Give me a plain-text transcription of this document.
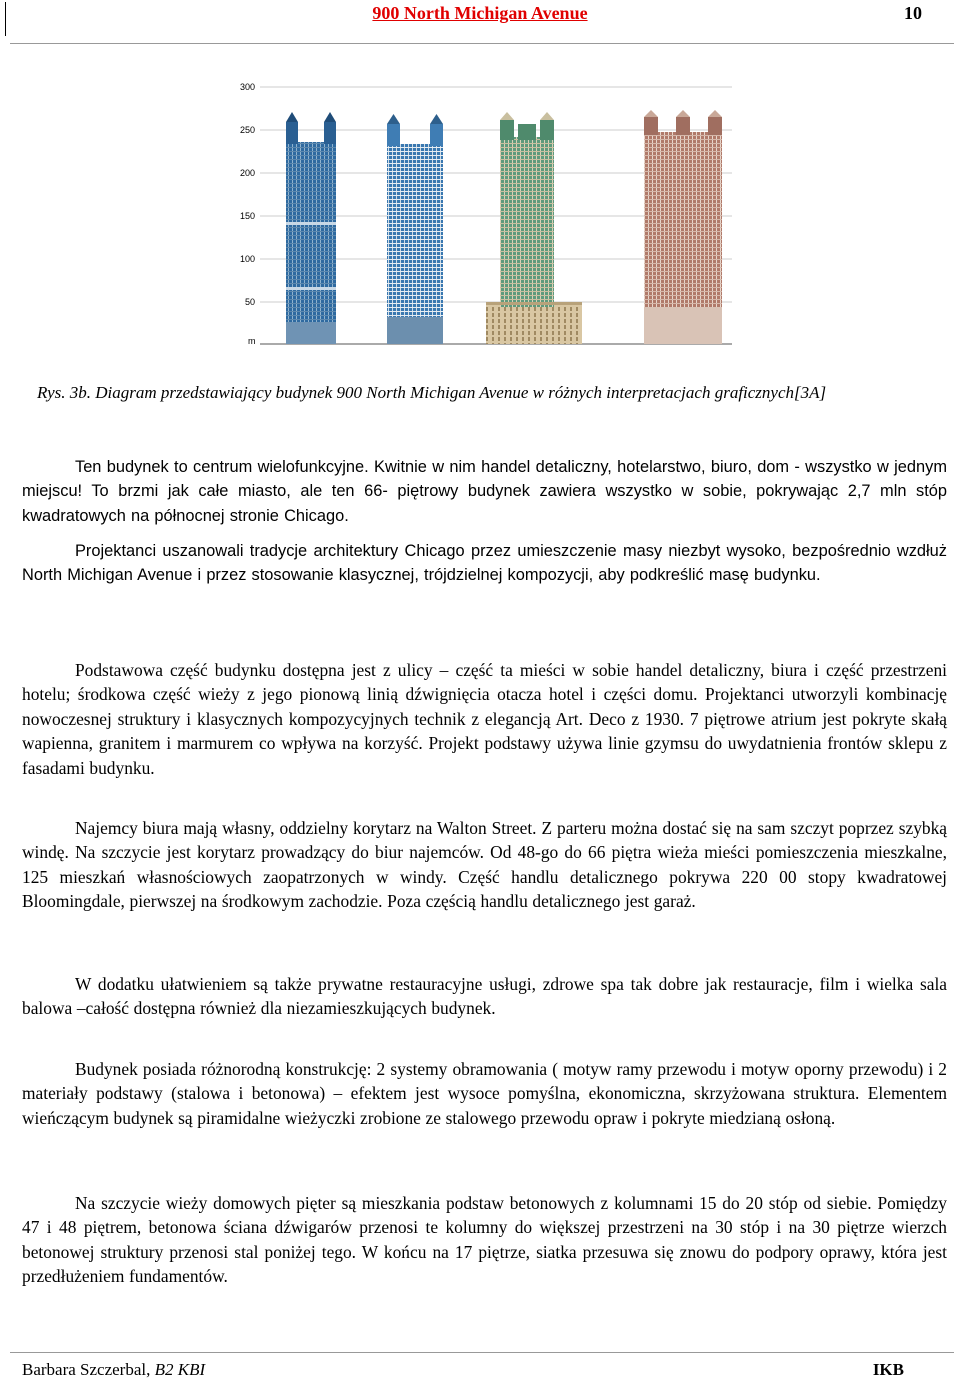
900 North Michigan Avenue	10
300
250
200
150
100
50
m
Rys. 3b. Diagram przedstawiający budynek 900 North Michigan Avenue w różnych interpretacjach graficznych[3A]

Ten budynek to centrum wielofunkcyjne. Kwitnie w nim handel detaliczny, hotelarstwo, biuro, dom - wszystko w jednym miejscu! To brzmi jak całe miasto, ale ten 66- piętrowy budynek zawiera wszystko w sobie, pokrywając 2,7 mln stóp kwadratowych na północnej stronie Chicago.

Projektanci uszanowali tradycje architektury Chicago przez umieszczenie masy niezbyt wysoko, bezpośrednio wzdłuż North Michigan Avenue i przez stosowanie klasycznej, trójdzielnej kompozycji, aby podkreślić masę budynku.

Podstawowa część budynku dostępna jest z ulicy – część ta mieści w sobie handel detaliczny, biura i część przestrzeni hotelu; środkowa część wieży z jego pionową linią dźwignięcia otacza hotel i części domu. Projektanci utworzyli kombinację nowoczesnej struktury i klasycznych kompozycyjnych technik z elegancją Art. Deco z 1930. 7 piętrowe atrium jest pokryte skałą wapienna, granitem i marmurem co wpływa na korzyść. Projekt podstawy używa linie gzymsu do uwydatnienia frontów sklepu z fasadami budynku.

Najemcy biura mają własny, oddzielny korytarz na Walton Street. Z parteru można dostać się na sam szczyt poprzez szybką windę. Na szczycie jest korytarz prowadzący do biur najemców. Od 48-go do 66 piętra wieża mieści pomieszczenia mieszkalne, 125 mieszkań własnościowych zaopatrzonych w windy. Część handlu detalicznego pokrywa 220 00 stopy kwadratowej Bloomingdale, pierwszej na środkowym zachodzie. Poza częścią handlu detalicznego jest garaż.

W dodatku ułatwieniem są także prywatne restauracyjne usługi, zdrowe spa tak dobre jak restauracje, film i wielka sala balowa –całość dostępna również dla niezamieszkujących budynek.

Budynek posiada różnorodną konstrukcję: 2 systemy obramowania ( motyw ramy przewodu i motyw oporny przewodu) i 2 materiały podstawy (stalowa i betonowa) – efektem jest wysoce pomyślna, ekonomiczna, skrzyżowana struktura. Elementem wieńczącym budynek są piramidalne wieżyczki zrobione ze stalowego przewodu opraw i pokryte miedzianą osłoną.

Na szczycie wieży domowych pięter są mieszkania podstaw betonowych z kolumnami 15 do 20 stóp od siebie. Pomiędzy 47 i 48 piętrem, betonowa ściana dźwigarów przenosi te kolumny do większej przestrzeni na 30 stóp i na 30 piętrze wierzch betonowej struktury przenosi stal poniżej tego. W końcu na 17 piętrze, siatka przesuwa się znowu do podpory oprawy, która jest przedłużeniem fundamentów.

Barbara Szczerbal, B2 KBI	IKB
